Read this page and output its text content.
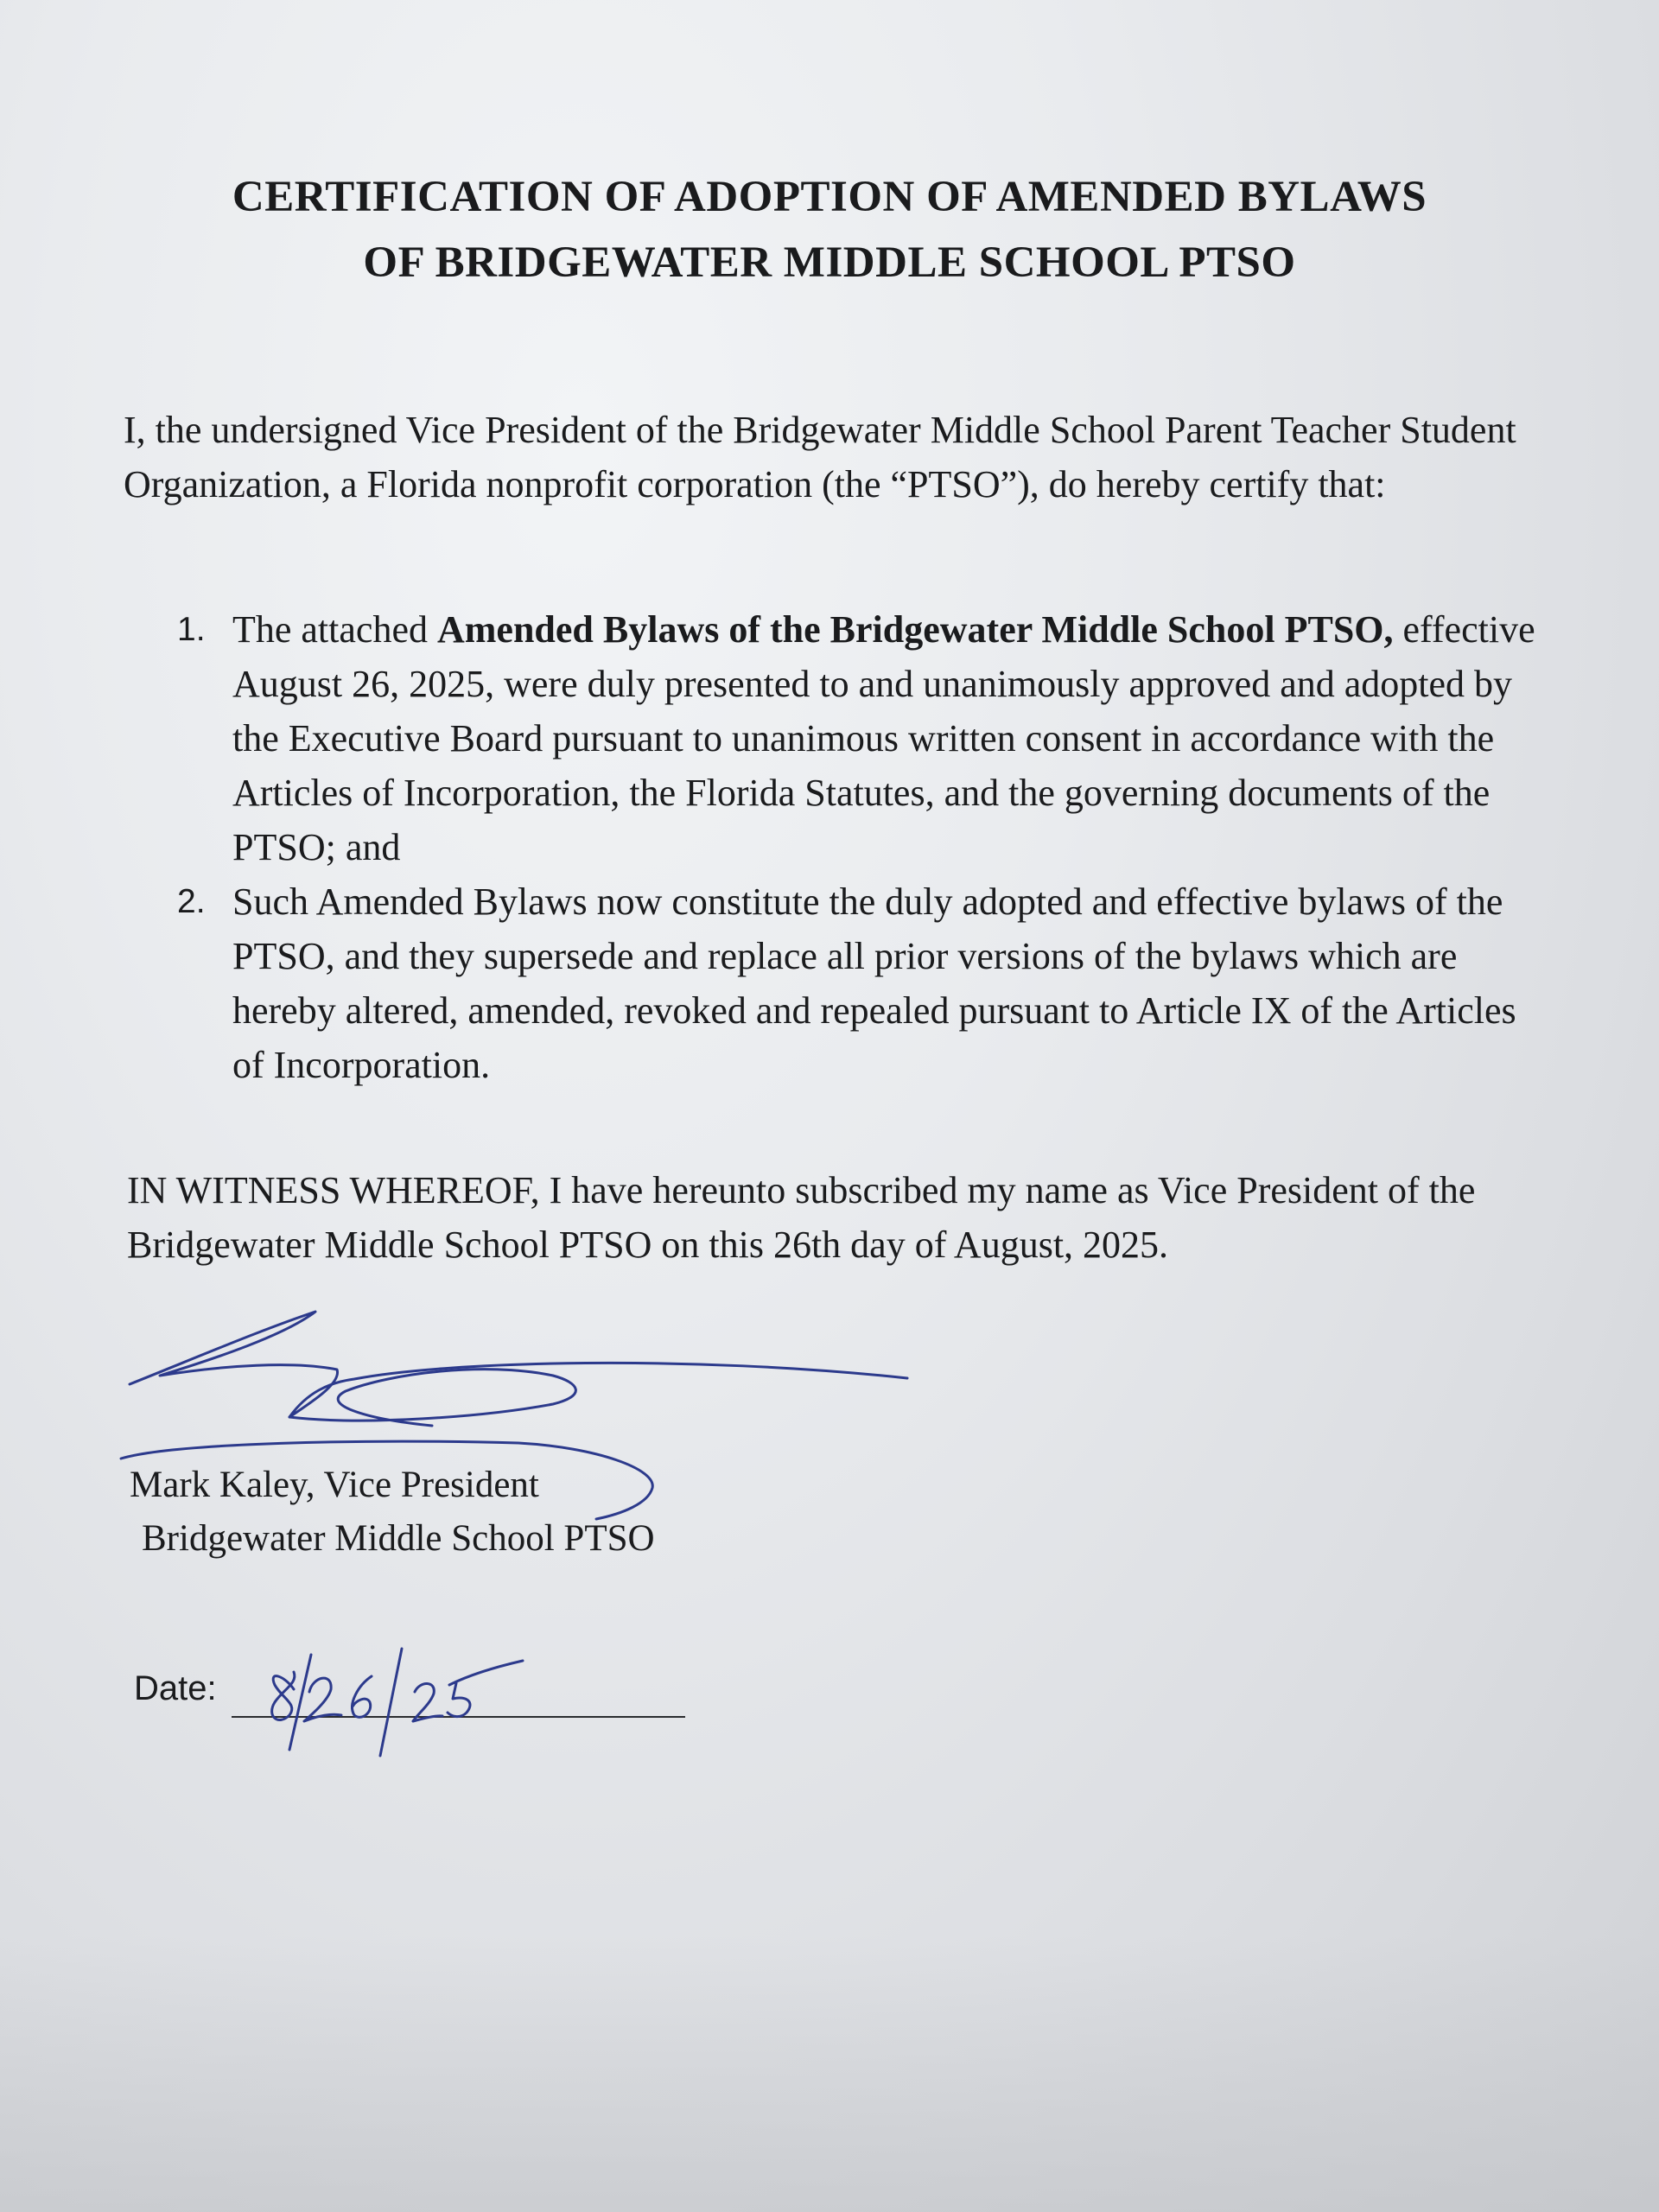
CERTIFICATION OF ADOPTION OF AMENDED BYLAWS
OF BRIDGEWATER MIDDLE SCHOOL PTSO

I, the undersigned Vice President of the Bridgewater Middle School Parent Teacher Student Organization, a Florida nonprofit corporation (the “PTSO”), do hereby certify that:

1. The attached Amended Bylaws of the Bridgewater Middle School PTSO, effective August 26, 2025, were duly presented to and unanimously approved and adopted by the Executive Board pursuant to unanimous written consent in accordance with the Articles of Incorporation, the Florida Statutes, and the governing documents of the PTSO; and
2. Such Amended Bylaws now constitute the duly adopted and effective bylaws of the PTSO, and they supersede and replace all prior versions of the bylaws which are hereby altered, amended, revoked and repealed pursuant to Article IX of the Articles of Incorporation.

IN WITNESS WHEREOF, I have hereunto subscribed my name as Vice President of the Bridgewater Middle School PTSO on this 26th day of August, 2025.

Mark Kaley, Vice President
Bridgewater Middle School PTSO
Date:
